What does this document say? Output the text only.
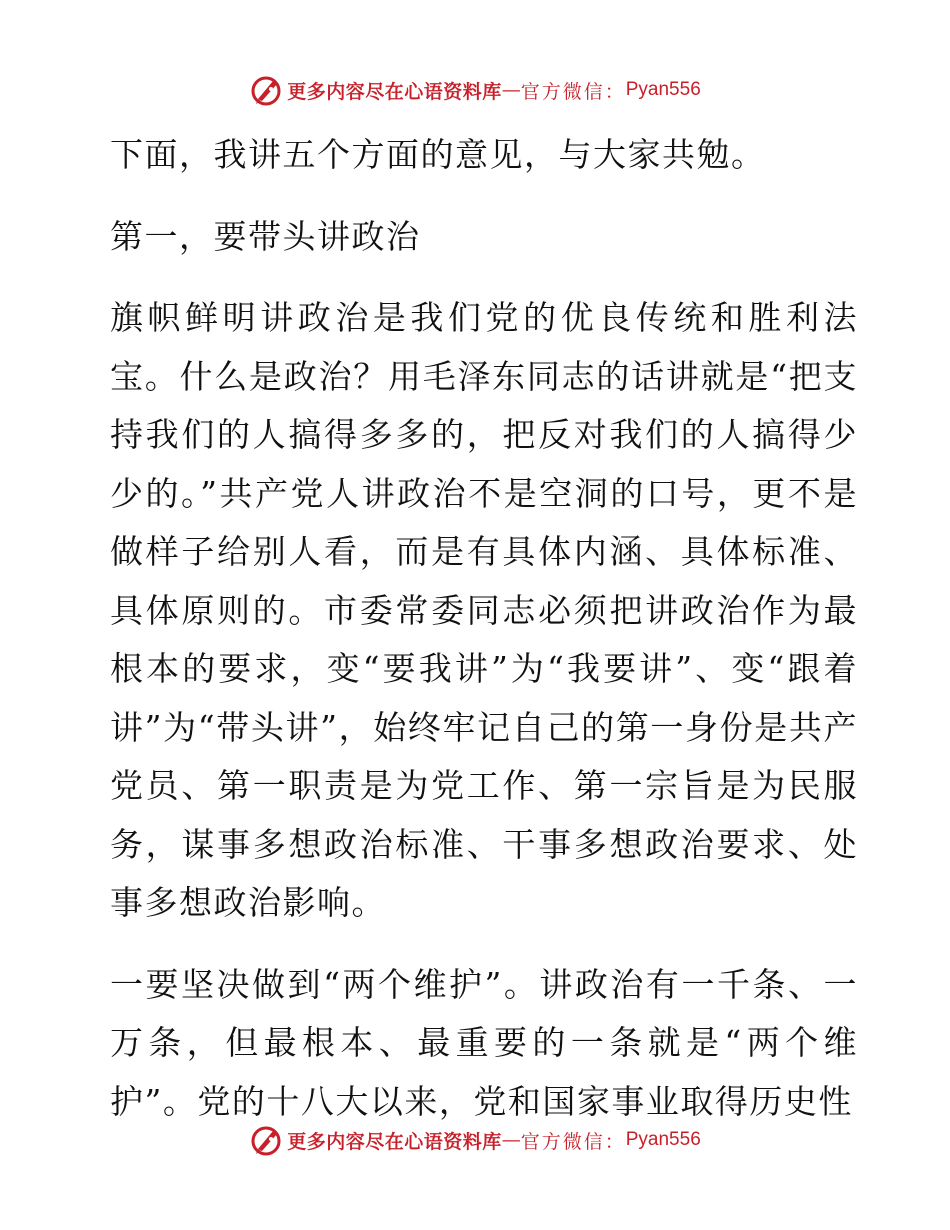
更多内容尽在心语资料库 — 官方微信： Pyan556

下面，我讲五个方面的意见，与大家共勉。

第一，要带头讲政治

旗帜鲜明讲政治是我们党的优良传统和胜利法宝。什么是政治？用毛泽东同志的话讲就是“把支持我们的人搞得多多的，把反对我们的人搞得少少的。”共产党人讲政治不是空洞的口号，更不是做样子给别人看，而是有具体内涵、具体标准、具体原则的。市委常委同志必须把讲政治作为最根本的要求，变“要我讲”为“我要讲”、变“跟着讲”为“带头讲”，始终牢记自己的第一身份是共产党员、第一职责是为党工作、第一宗旨是为民服务，谋事多想政治标准、干事多想政治要求、处事多想政治影响。

一要坚决做到“两个维护”。讲政治有一千条、一万条，但最根本、最重要的一条就是“两个维护”。党的十八大以来，党和国家事业取得历史性

更多内容尽在心语资料库 — 官方微信： Pyan556
